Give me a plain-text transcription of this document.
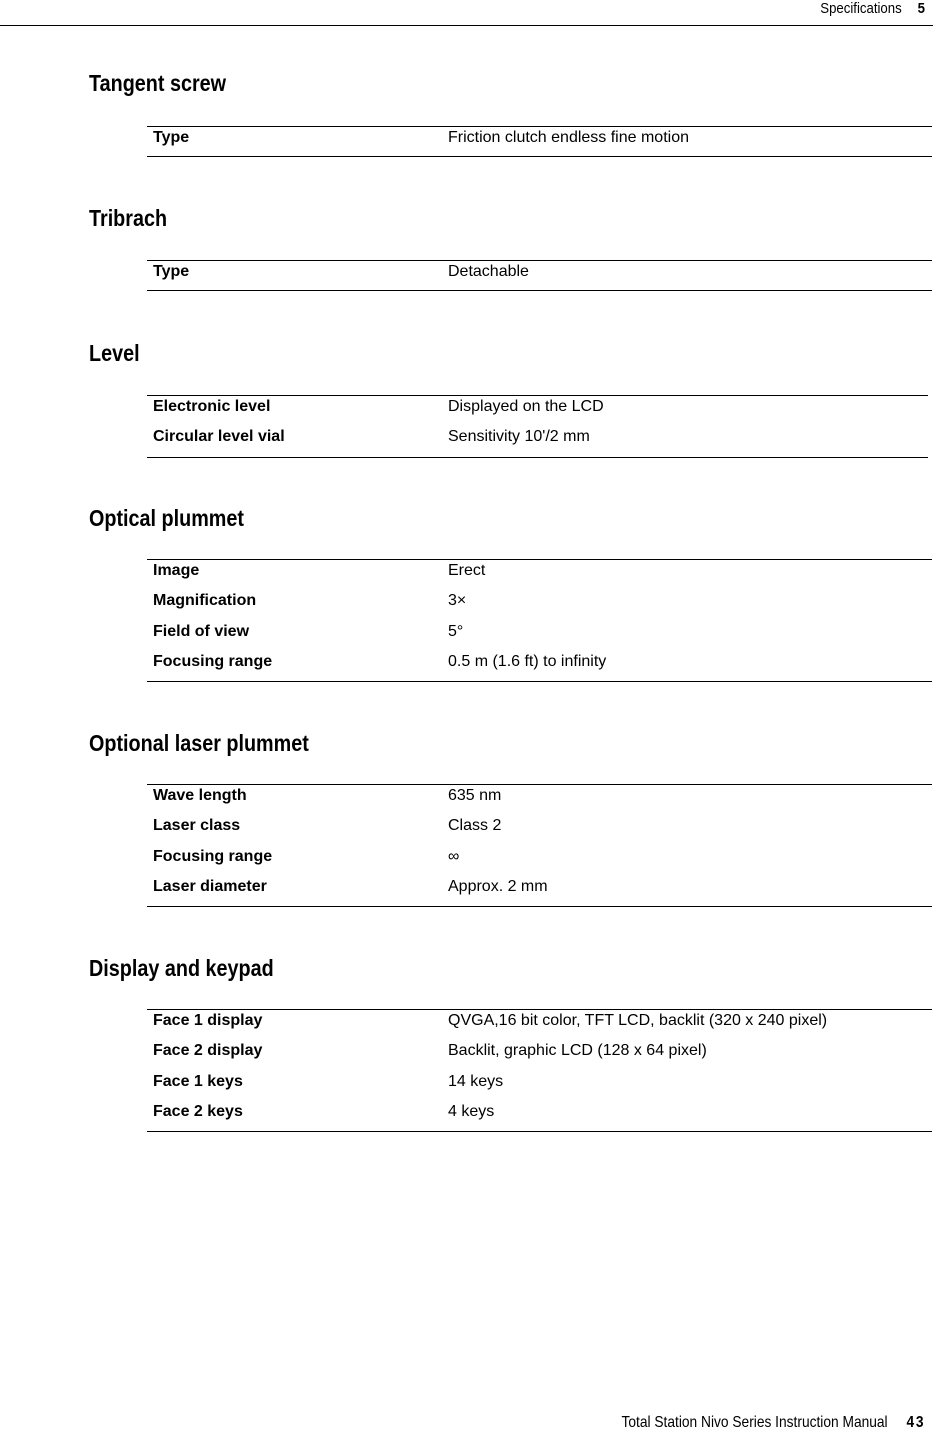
Specifications 5
Tangent screw
Type	Friction clutch endless fine motion
Tribrach
Type	Detachable
Level
Electronic level	Displayed on the LCD
Circular level vial	Sensitivity 10'/2 mm
Optical plummet
Image	Erect
Magnification	3×
Field of view	5°
Focusing range	0.5 m (1.6 ft) to infinity
Optional laser plummet
Wave length	635 nm
Laser class	Class 2
Focusing range	∞
Laser diameter	Approx. 2 mm
Display and keypad
Face 1 display	QVGA,16 bit color, TFT LCD, backlit (320 x 240 pixel)
Face 2 display	Backlit, graphic LCD (128 x 64 pixel)
Face 1 keys	14 keys
Face 2 keys	4 keys
Total Station Nivo Series Instruction Manual 43
